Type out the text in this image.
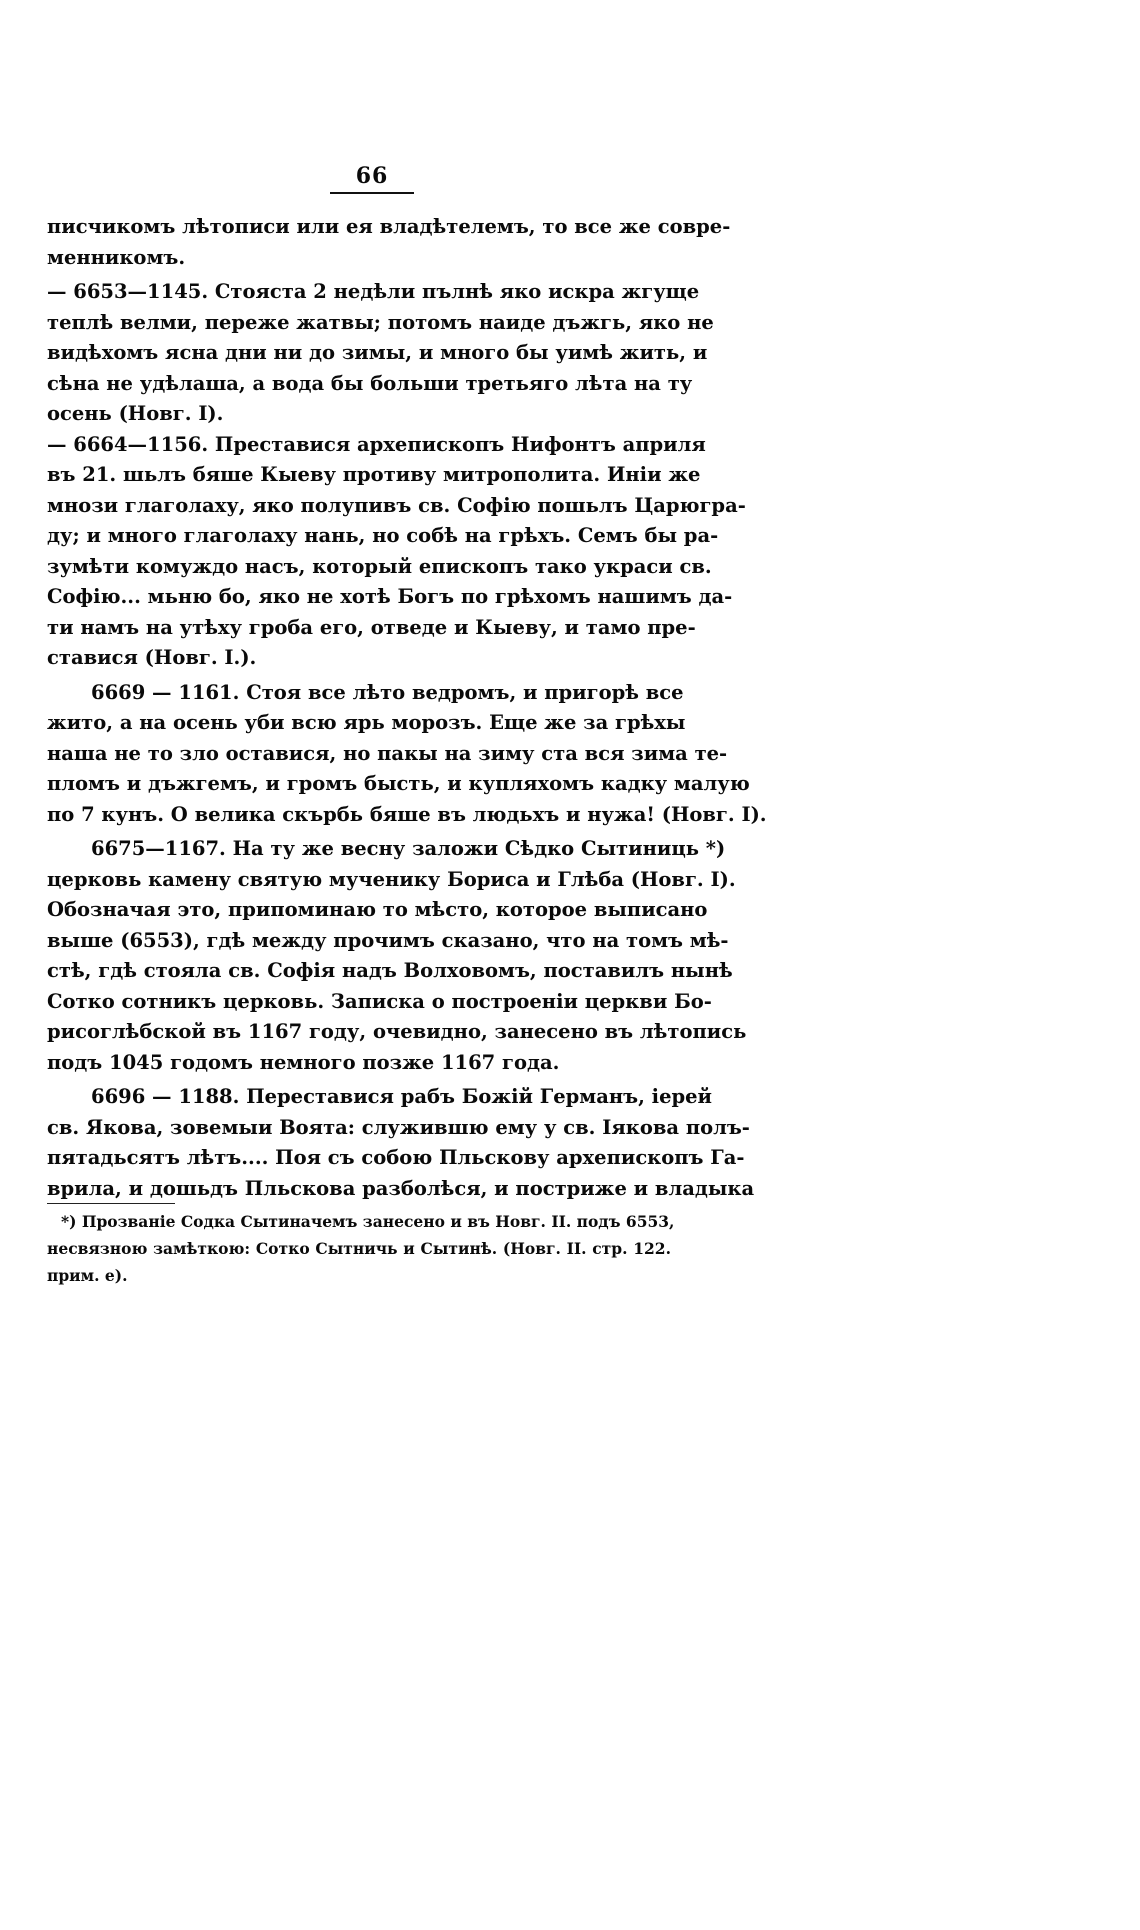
66
писчикомъ лѣтописи или ея владѣтелемъ, то все же совре-
менникомъ.
— 6653—1145. Стояста 2 недѣли пълнѣ яко искра жгуще
теплѣ велми, пережe жатвы; потомъ наиде дъжгь, яко не
видѣхомъ ясна дни ни до зимы, и много бы уимѣ жить, и
сѣна не удѣлаша, а вода бы больши третьяго лѣта на ту
осень (Новг. I).
— 6664—1156. Преставися архепископъ Нифонтъ априля
въ 21. шьлъ бяше Кыеву противу митрополита. Инiи же
мнози глаголаху, яко полупивъ св. Софiю пошьлъ Царюгра-
ду; и много глаголаху нань, но собѣ на грѣхъ. Семъ бы ра-
зумѣти комуждо насъ, который епископъ тако украси св.
Софiю... мьню бо, яко не хотѣ Богъ по грѣхомъ нашимъ да-
ти намъ на утѣху гроба его, отведе и Кыеву, и тамо пре-
ставися (Новг. I.).
6669 — 1161. Стоя все лѣто ведромъ, и пригорѣ все
жито, а на осень уби всю ярь морозъ. Еще же за грѣхы
наша не то зло оставися, но пакы на зиму ста вся зима те-
пломъ и дъжгемъ, и громъ бысть, и купляхомъ кадку малую
по 7 кунъ. О велика скърбь бяше въ людьхъ и нужа! (Новг. I).
6675—1167. На ту же весну заложи Сѣдко Сытиниць *)
церковь камену святую мученику Бориса и Глѣба (Новг. I).
Обозначая это, припоминаю то мѣсто, которое выписано
выше (6553), гдѣ между прочимъ сказано, что на томъ мѣ-
стѣ, гдѣ стояла св. Софiя надъ Волховомъ, поставилъ нынѣ
Сотко сотникъ церковь. Записка о построенiи церкви Бо-
рисоглѣбской въ 1167 году, очевидно, занесено въ лѣтопись
подъ 1045 годомъ немного позже 1167 года.
6696 — 1188. Переставися рабъ Божiй Германъ, iерей
св. Якова, зовемыи Воята: служившю ему у св. Iякова полъ-
пятадьсятъ лѣтъ.... Поя съ собою Пльскову архепископъ Га-
врила, и дошьдъ Пльскова разболѣся, и постриже и владыка
*) Прозванiе Содка Сытиначемъ занесено и въ Новг. II. подъ 6553,
несвязною замѣткою: Сотко Сытничь и Сытинѣ. (Новг. II. стр. 122.
прим. е).
